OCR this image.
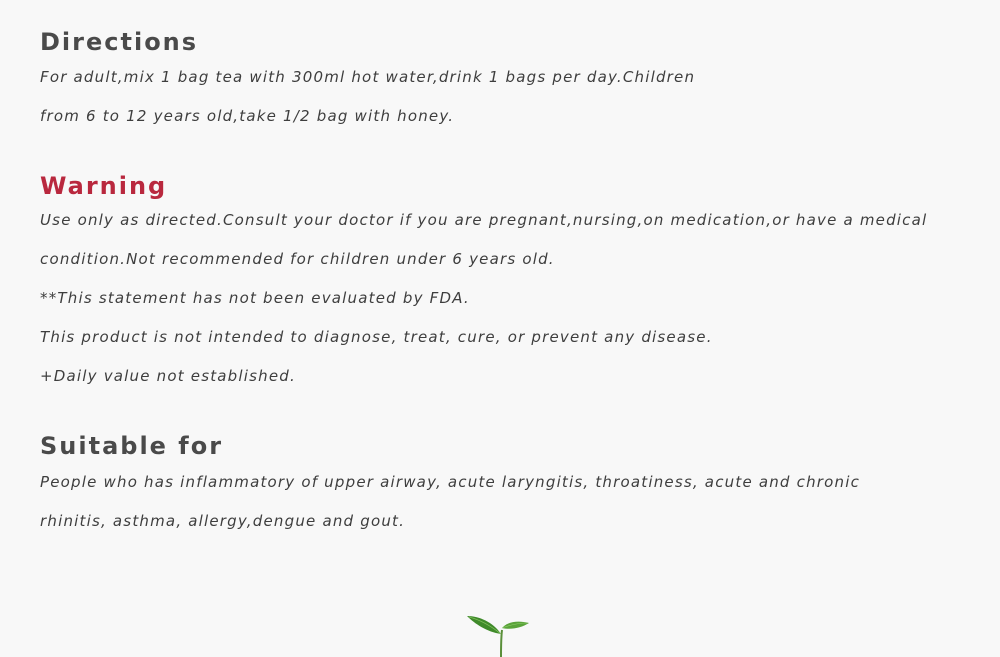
Directions

For adult,mix 1 bag tea with 300ml hot water,drink 1 bags per day.Children

from 6 to 12 years old,take 1/2 bag with honey.

Warning

Use only as directed.Consult your doctor if you are pregnant,nursing,on medication,or have a medical

condition.Not recommended for children under 6 years old.

**This statement has not been evaluated by FDA.

This product is not intended to diagnose, treat, cure, or prevent any disease.

+Daily value not established.

Suitable for

People who has inflammatory of upper airway, acute laryngitis, throatiness, acute and chronic

rhinitis, asthma, allergy,dengue and gout.
